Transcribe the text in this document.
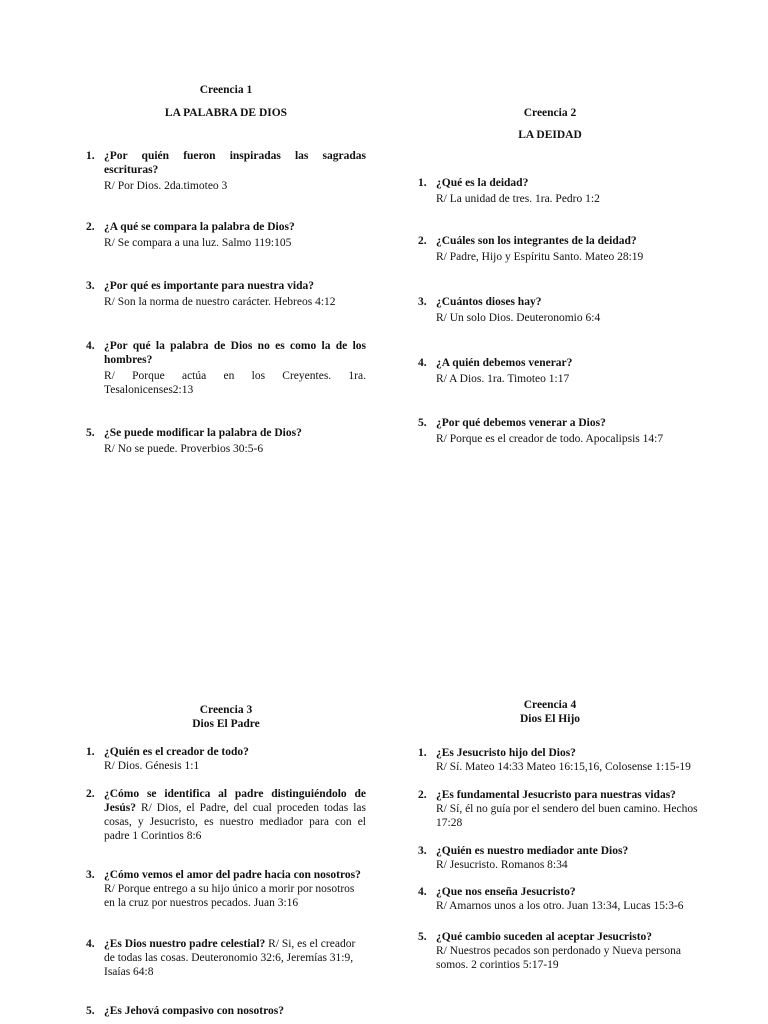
Creencia 1
LA PALABRA DE DIOS
1. ¿Por quién fueron inspiradas las sagradas escrituras?
R/ Por Dios. 2da.timoteo 3
2. ¿A qué se compara la palabra de Dios?
R/ Se compara a una luz. Salmo 119:105
3. ¿Por qué es importante para nuestra vida?
R/ Son la norma de nuestro carácter. Hebreos 4:12
4. ¿Por qué la palabra de Dios no es como la de los hombres?
R/ Porque actúa en los Creyentes. 1ra. Tesalonicenses2:13
5. ¿Se puede modificar la palabra de Dios?
R/ No se puede. Proverbios 30:5-6
Creencia 2
LA DEIDAD
1. ¿Qué es la deidad?
R/ La unidad de tres. 1ra. Pedro 1:2
2. ¿Cuáles son los integrantes de la deidad?
R/ Padre, Hijo y Espíritu Santo. Mateo 28:19
3. ¿Cuántos dioses hay?
R/ Un solo Dios. Deuteronomio 6:4
4. ¿A quién debemos venerar?
R/ A Dios. 1ra. Timoteo 1:17
5. ¿Por qué debemos venerar a Dios?
R/ Porque es el creador de todo. Apocalipsis 14:7
Creencia 3
Dios El Padre
1. ¿Quién es el creador de todo?
R/ Dios. Génesis 1:1
2. ¿Cómo se identifica al padre distinguiéndolo de Jesús? R/ Dios, el Padre, del cual proceden todas las cosas, y Jesucristo, es nuestro mediador para con el padre 1 Corintios 8:6
3. ¿Cómo vemos el amor del padre hacia con nosotros?
R/ Porque entrego a su hijo único a morir por nosotros en la cruz por nuestros pecados. Juan 3:16
4. ¿Es Dios nuestro padre celestial? R/ Si, es el creador de todas las cosas. Deuteronomio 32:6, Jeremías 31:9, Isaías 64:8
5. ¿Es Jehová compasivo con nosotros?
Creencia 4
Dios El Hijo
1. ¿Es Jesucristo hijo del Dios?
R/ Sí. Mateo 14:33 Mateo 16:15,16, Colosense 1:15-19
2. ¿Es fundamental Jesucristo para nuestras vidas?
R/ Sí, él no guía por el sendero del buen camino. Hechos 17:28
3. ¿Quién es nuestro mediador ante Dios?
R/ Jesucristo. Romanos 8:34
4. ¿Que nos enseña Jesucristo?
R/ Amarnos unos a los otro. Juan 13:34, Lucas 15:3-6
5. ¿Qué cambio suceden al aceptar Jesucristo?
R/ Nuestros pecados son perdonado y Nueva persona somos. 2 corintios 5:17-19
